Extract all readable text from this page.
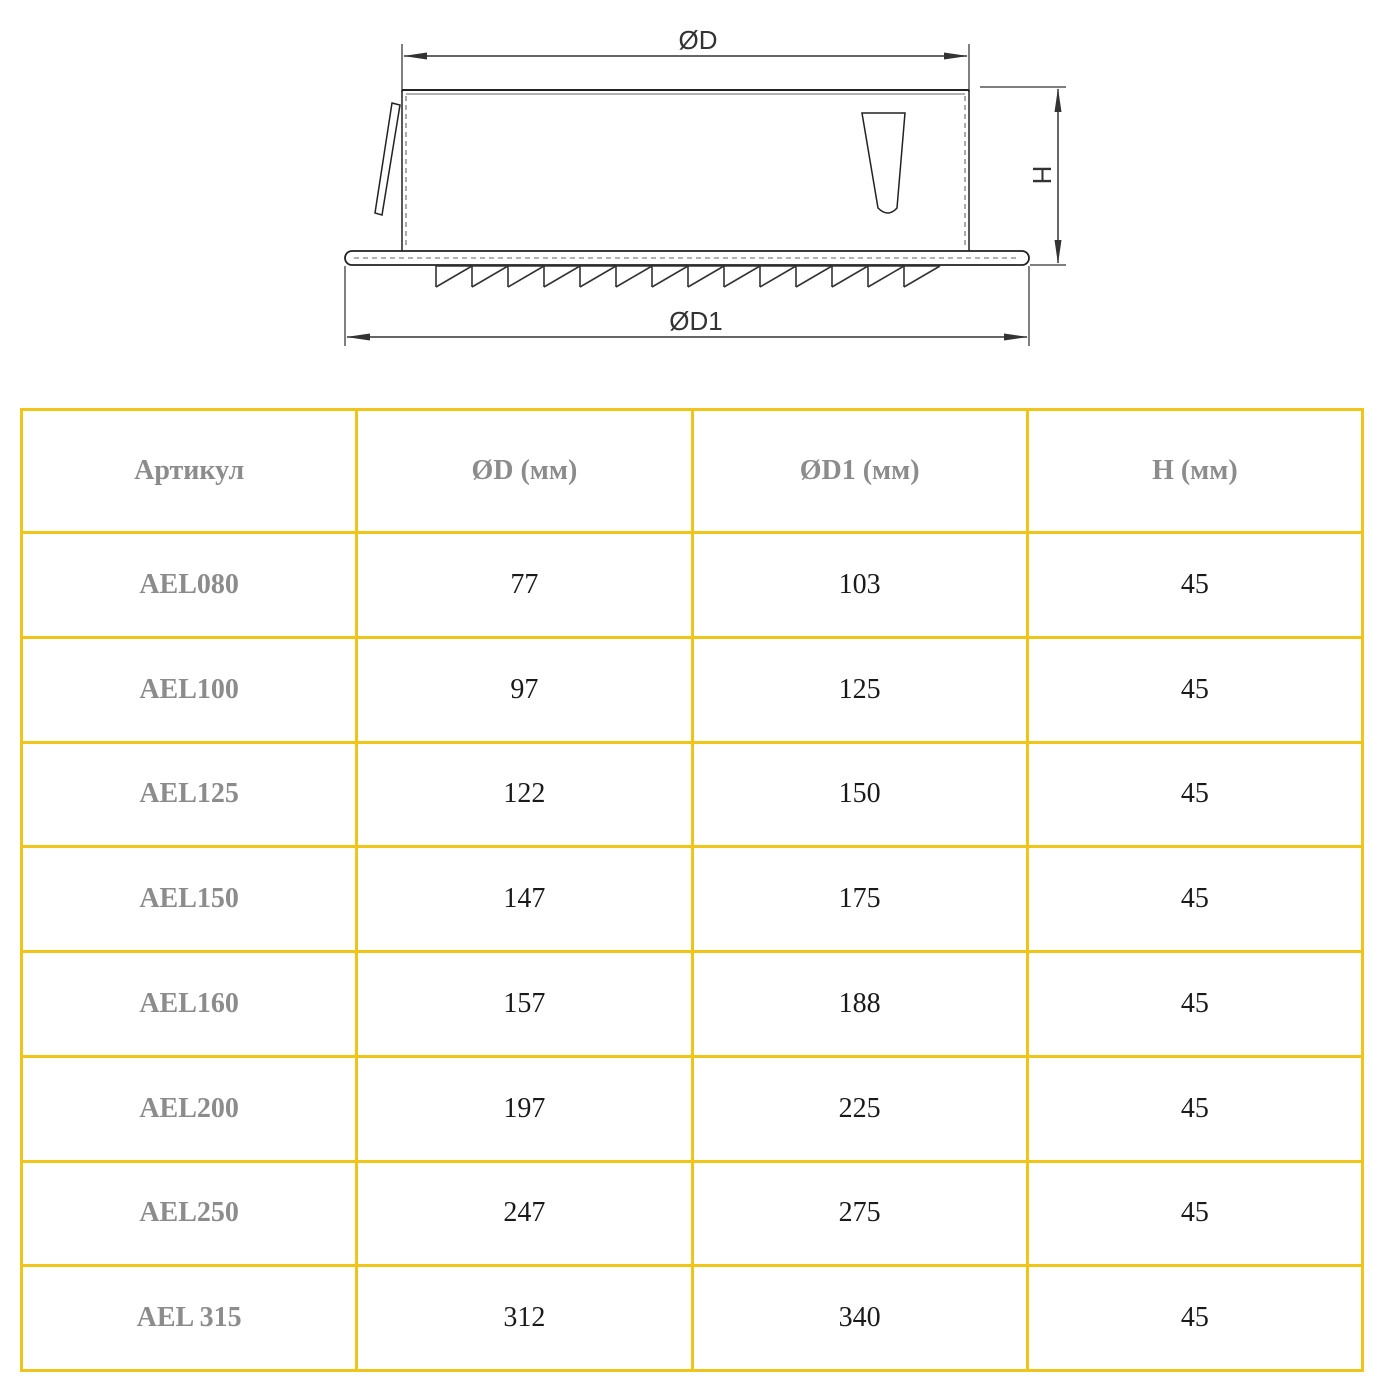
ØD
H
ØD1
Артикул	ØD (мм)	ØD1 (мм)	H (мм)
AEL080	77	103	45
AEL100	97	125	45
AEL125	122	150	45
AEL150	147	175	45
AEL160	157	188	45
AEL200	197	225	45
AEL250	247	275	45
AEL 315	312	340	45
